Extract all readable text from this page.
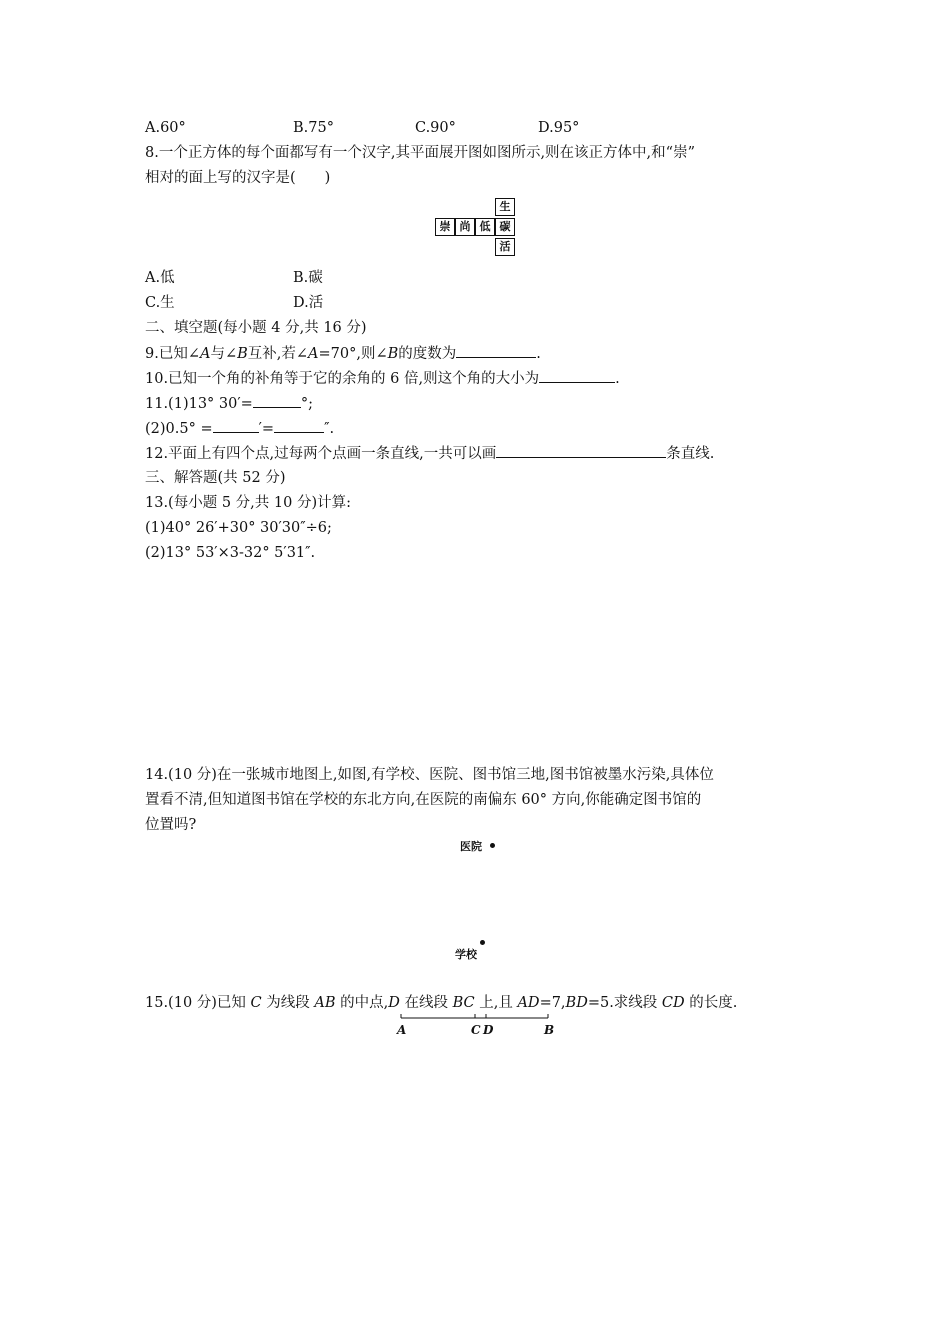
A.60°	B.75°	C.90°	D.95°
8.一个正方体的每个面都写有一个汉字,其平面展开图如图所示,则在该正方体中,和“崇”
相对的面上写的汉字是(　　)
生
崇 尚 低 碳
活
A.低	B.碳
C.生	D.活
二、填空题(每小题 4 分,共 16 分)
9.已知∠A与∠B互补,若∠A=70°,则∠B的度数为	.
10.已知一个角的补角等于它的余角的 6 倍,则这个角的大小为	.
11.(1)13° 30′=	°;
(2)0.5° =	′=	″.
12.平面上有四个点,过每两个点画一条直线,一共可以画	条直线.
三、解答题(共 52 分)
13.(每小题 5 分,共 10 分)计算:
(1)40° 26′+30° 30′30″÷6;
(2)13° 53′×3-32° 5′31″.
14.(10 分)在一张城市地图上,如图,有学校、医院、图书馆三地,图书馆被墨水污染,具体位
置看不清,但知道图书馆在学校的东北方向,在医院的南偏东 60° 方向,你能确定图书馆的
位置吗?
医院
学校
15.(10 分)已知 C 为线段 AB 的中点,D 在线段 BC 上,且 AD=7,BD=5.求线段 CD 的长度.
A	C D	B
